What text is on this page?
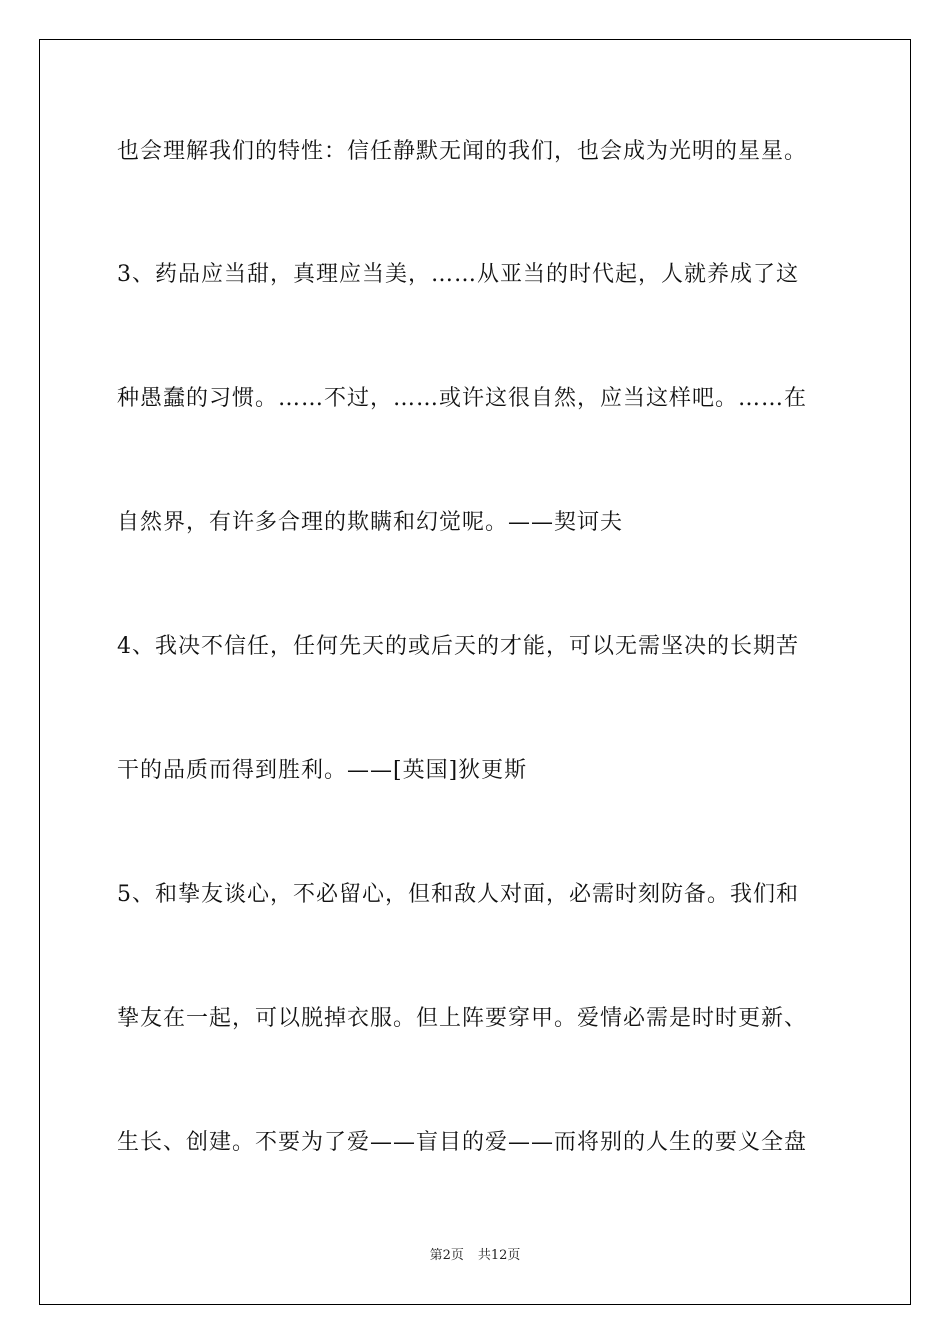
也会理解我们的特性：信任静默无闻的我们，也会成为光明的星星。
3、药品应当甜，真理应当美，……从亚当的时代起，人就养成了这
种愚蠢的习惯。……不过，……或许这很自然，应当这样吧。……在
自然界，有许多合理的欺瞒和幻觉呢。——契诃夫
4、我决不信任，任何先天的或后天的才能，可以无需坚决的长期苦
干的品质而得到胜利。——[英国]狄更斯
5、和挚友谈心，不必留心，但和敌人对面，必需时刻防备。我们和
挚友在一起，可以脱掉衣服。但上阵要穿甲。爱情必需是时时更新、
生长、创建。不要为了爱——盲目的爱——而将别的人生的要义全盘
第2页 共12页
